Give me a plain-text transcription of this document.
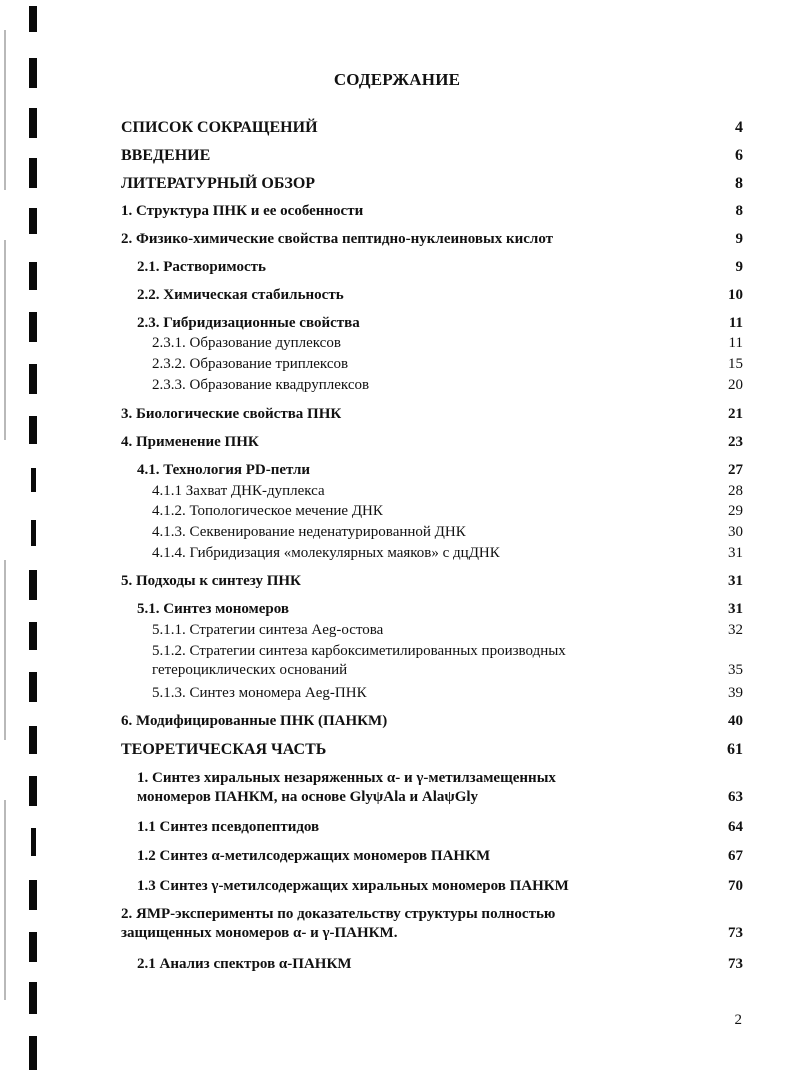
СОДЕРЖАНИЕ
СПИСОК СОКРАЩЕНИЙ	4
ВВЕДЕНИЕ	6
ЛИТЕРАТУРНЫЙ ОБЗОР	8
1. Структура ПНК и ее особенности	8
2. Физико-химические свойства пептидно-нуклеиновых кислот	9
2.1. Растворимость	9
2.2. Химическая стабильность	10
2.3. Гибридизационные свойства	11
2.3.1. Образование дуплексов	11
2.3.2. Образование триплексов	15
2.3.3. Образование квадруплексов	20
3. Биологические свойства ПНК	21
4. Применение ПНК	23
4.1. Технология PD-петли	27
4.1.1 Захват ДНК-дуплекса	28
4.1.2. Топологическое мечение ДНК	29
4.1.3. Секвенирование неденатурированной ДНК	30
4.1.4. Гибридизация «молекулярных маяков» с дцДНК	31
5. Подходы к синтезу ПНК	31
5.1. Синтез мономеров	31
5.1.1. Стратегии синтеза Aeg-остова	32
5.1.2. Стратегии синтеза карбоксиметилированных производных
гетероциклических оснований	35
5.1.3. Синтез мономера Aeg-ПНК	39
6. Модифицированные ПНК (ПАНКМ)	40
ТЕОРЕТИЧЕСКАЯ ЧАСТЬ	61
1. Синтез хиральных незаряженных α- и γ-метилзамещенных
мономеров ПАНКМ, на основе GlyψAla и AlaψGly	63
1.1 Синтез псевдопептидов	64
1.2 Синтез α-метилсодержащих мономеров ПАНКМ	67
1.3 Синтез γ-метилсодержащих хиральных мономеров ПАНКМ	70
2. ЯМР-эксперименты по доказательству структуры полностью
защищенных мономеров α- и γ-ПАНКМ.	73
2.1 Анализ спектров α-ПАНКМ	73
2
